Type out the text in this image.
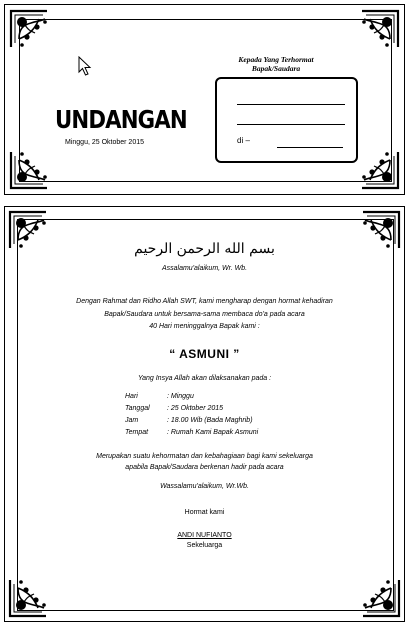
UNDANGAN
Minggu, 25 Oktober 2015
Kepada Yang Terhormat
Bapak/Saudara
di –
بسم الله الرحمن الرحيم
Assalamu'alaikum, Wr. Wb.
Dengan Rahmat dan Ridho Allah SWT, kami mengharap dengan hormat kehadiran
Bapak/Saudara untuk bersama-sama membaca do'a pada acara
40 Hari meninggalnya Bapak kami :
“ ASMUNI ”
Yang Insya Allah akan dilaksanakan pada :
Hari	: Minggu
Tanggal : 25 Oktober 2015
Jam	: 18.00 Wib (Bada Maghrib)
Tempat	: Rumah Kami Bapak Asmuni
Merupakan suatu kehormatan dan kebahagiaan bagi kami sekeluarga
apabila Bapak/Saudara berkenan hadir pada acara
Wassalamu'alaikum, Wr.Wb.
Hormat kami
ANDI NUFIANTO
Sekeluarga
